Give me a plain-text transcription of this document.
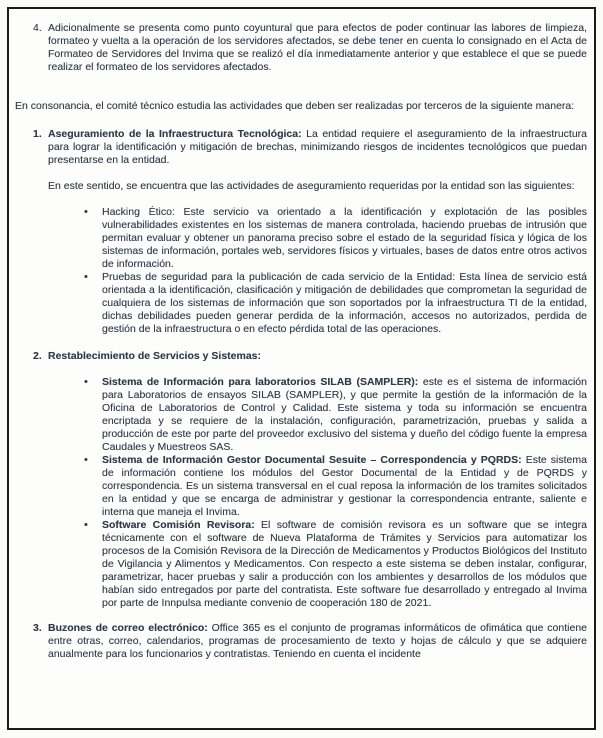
4. Adicionalmente se presenta como punto coyuntural que para efectos de poder continuar las labores de limpieza, formateo y vuelta a la operación de los servidores afectados, se debe tener en cuenta lo consignado en el Acta de Formateo de Servidores del Invima que se realizó el día inmediatamente anterior y que establece el que se puede realizar el formateo de los servidores afectados.

En consonancia, el comité técnico estudia las actividades que deben ser realizadas por terceros de la siguiente manera:

1. Aseguramiento de la Infraestructura Tecnológica: La entidad requiere el aseguramiento de la infraestructura para lograr la identificación y mitigación de brechas, minimizando riesgos de incidentes tecnológicos que puedan presentarse en la entidad.

En este sentido, se encuentra que las actividades de aseguramiento requeridas por la entidad son las siguientes:

• Hacking Ético: Este servicio va orientado a la identificación y explotación de las posibles vulnerabilidades existentes en los sistemas de manera controlada, haciendo pruebas de intrusión que permitan evaluar y obtener un panorama preciso sobre el estado de la seguridad física y lógica de los sistemas de información, portales web, servidores físicos y virtuales, bases de datos entre otros activos de información.

• Pruebas de seguridad para la publicación de cada servicio de la Entidad: Esta línea de servicio está orientada a la identificación, clasificación y mitigación de debilidades que comprometan la seguridad de cualquiera de los sistemas de información que son soportados por la infraestructura TI de la entidad, dichas debilidades pueden generar perdida de la información, accesos no autorizados, perdida de gestión de la infraestructura o en efecto pérdida total de las operaciones.

2. Restablecimiento de Servicios y Sistemas:

• Sistema de Información para laboratorios SILAB (SAMPLER): este es el sistema de información para Laboratorios de ensayos SILAB (SAMPLER), y que permite la gestión de la información de la Oficina de Laboratorios de Control y Calidad. Este sistema y toda su información se encuentra encriptada y se requiere de la instalación, configuración, parametrización, pruebas y salida a producción de este por parte del proveedor exclusivo del sistema y dueño del código fuente la empresa Caudales y Muestreos SAS.

• Sistema de Información Gestor Documental Sesuite – Correspondencia y PQRDS: Este sistema de información contiene los módulos del Gestor Documental de la Entidad y de PQRDS y correspondencia. Es un sistema transversal en el cual reposa la información de los tramites solicitados en la entidad y que se encarga de administrar y gestionar la correspondencia entrante, saliente e interna que maneja el Invima.

• Software Comisión Revisora: El software de comisión revisora es un software que se integra técnicamente con el software de Nueva Plataforma de Trámites y Servicios para automatizar los procesos de la Comisión Revisora de la Dirección de Medicamentos y Productos Biológicos del Instituto de Vigilancia y Alimentos y Medicamentos. Con respecto a este sistema se deben instalar, configurar, parametrizar, hacer pruebas y salir a producción con los ambientes y desarrollos de los módulos que habían sido entregados por parte del contratista. Este software fue desarrollado y entregado al Invima por parte de Innpulsa mediante convenio de cooperación 180 de 2021.

3. Buzones de correo electrónico: Office 365 es el conjunto de programas informáticos de ofimática que contiene entre otras, correo, calendarios, programas de procesamiento de texto y hojas de cálculo y que se adquiere anualmente para los funcionarios y contratistas. Teniendo en cuenta el incidente
